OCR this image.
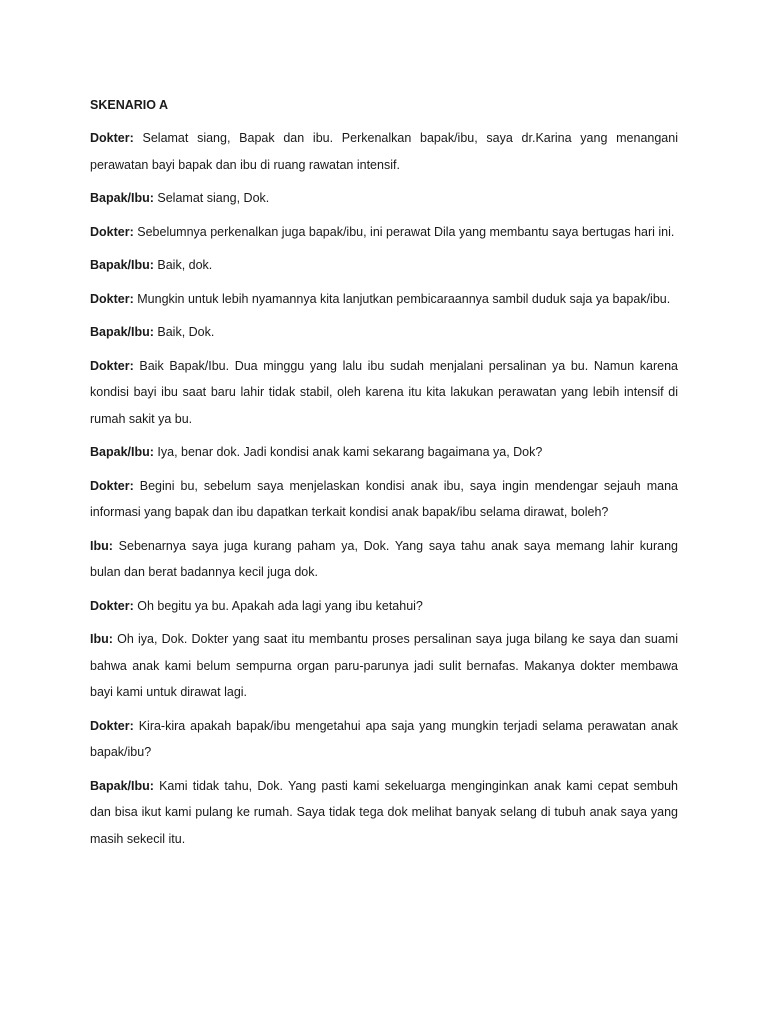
SKENARIO A

Dokter: Selamat siang, Bapak dan ibu. Perkenalkan bapak/ibu, saya dr.Karina yang menangani perawatan bayi bapak dan ibu di ruang rawatan intensif.

Bapak/Ibu: Selamat siang, Dok.

Dokter: Sebelumnya perkenalkan juga bapak/ibu, ini perawat Dila yang membantu saya bertugas hari ini.

Bapak/Ibu: Baik, dok.

Dokter: Mungkin untuk lebih nyamannya kita lanjutkan pembicaraannya sambil duduk saja ya bapak/ibu.

Bapak/Ibu: Baik, Dok.

Dokter: Baik Bapak/Ibu. Dua minggu yang lalu ibu sudah menjalani persalinan ya bu. Namun karena kondisi bayi ibu saat baru lahir tidak stabil, oleh karena itu kita lakukan perawatan yang lebih intensif di rumah sakit ya bu.

Bapak/Ibu: Iya, benar dok. Jadi kondisi anak kami sekarang bagaimana ya, Dok?

Dokter: Begini bu, sebelum saya menjelaskan kondisi anak ibu, saya ingin mendengar sejauh mana informasi yang bapak dan ibu dapatkan terkait kondisi anak bapak/ibu selama dirawat, boleh?

Ibu: Sebenarnya saya juga kurang paham ya, Dok. Yang saya tahu anak saya memang lahir kurang bulan dan berat badannya kecil juga dok.

Dokter: Oh begitu ya bu. Apakah ada lagi yang ibu ketahui?

Ibu: Oh iya, Dok. Dokter yang saat itu membantu proses persalinan saya juga bilang ke saya dan suami bahwa anak kami belum sempurna organ paru-parunya jadi sulit bernafas. Makanya dokter membawa bayi kami untuk dirawat lagi.

Dokter: Kira-kira apakah bapak/ibu mengetahui apa saja yang mungkin terjadi selama perawatan anak bapak/ibu?

Bapak/Ibu: Kami tidak tahu, Dok. Yang pasti kami sekeluarga menginginkan anak kami cepat sembuh dan bisa ikut kami pulang ke rumah. Saya tidak tega dok melihat banyak selang di tubuh anak saya yang masih sekecil itu.
